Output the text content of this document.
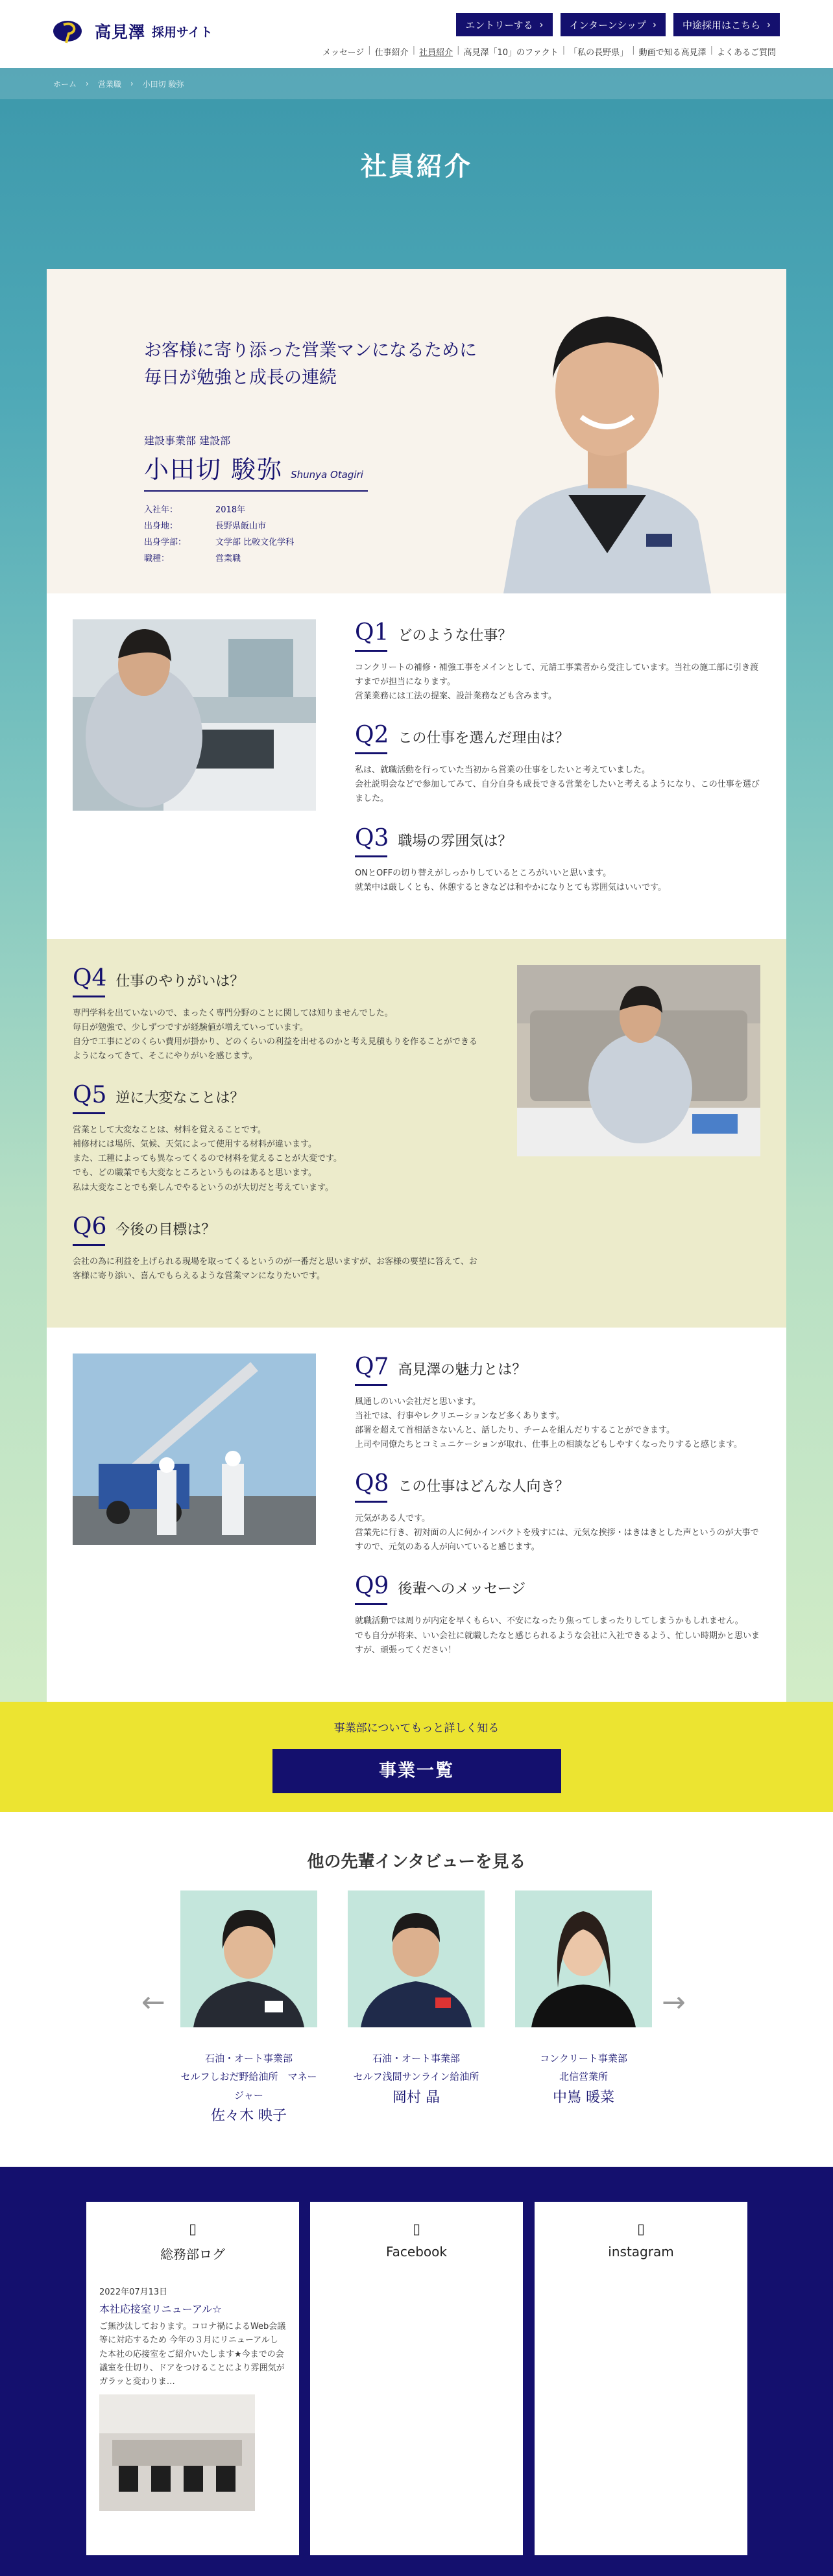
高見澤 採用サイト	エントリーする ›	インターンシップ ›	中途採用はこちら ›
メッセージ | 仕事紹介 | 社員紹介 | 高見澤「10」のファクト | 「私の長野県」 | 動画で知る高見澤 | よくあるご質問
ホーム › 営業職 › 小田切 駿弥
社員紹介
お客様に寄り添った営業マンになるために
毎日が勉強と成長の連続
建設事業部 建設部
小田切 駿弥 Shunya Otagiri
入社年：	2018年
出身地：	長野県飯山市
出身学部：	文学部 比較文化学科
職種：	営業職
Q1 どのような仕事？
コンクリートの補修・補強工事をメインとして、元請工事業者から受注しています。当社の施工部に引き渡すまでが担当になります。
営業業務には工法の提案、設計業務なども含みます。
Q2 この仕事を選んだ理由は？
私は、就職活動を行っていた当初から営業の仕事をしたいと考えていました。
会社説明会などで参加してみて、自分自身も成長できる営業をしたいと考えるようになり、この仕事を選びました。
Q3 職場の雰囲気は？
ONとOFFの切り替えがしっかりしているところがいいと思います。
就業中は厳しくとも、休憩するときなどは和やかになりとても雰囲気はいいです。
Q4 仕事のやりがいは？
専門学科を出ていないので、まったく専門分野のことに関しては知りませんでした。
毎日が勉強で、少しずつですが経験値が増えていっています。
自分で工事にどのくらい費用が掛かり、どのくらいの利益を出せるのかと考え見積もりを作ることができるようになってきて、そこにやりがいを感じます。
Q5 逆に大変なことは？
営業として大変なことは、材料を覚えることです。
補修材には場所、気候、天気によって使用する材料が違います。
また、工種によっても異なってくるので材料を覚えることが大変です。
でも、どの職業でも大変なところというものはあると思います。
私は大変なことでも楽しんでやるというのが大切だと考えています。
Q6 今後の目標は？
会社の為に利益を上げられる現場を取ってくるというのが一番だと思いますが、お客様の要望に答えて、お客様に寄り添い、喜んでもらえるような営業マンになりたいです。
Q7 高見澤の魅力とは？
風通しのいい会社だと思います。
当社では、行事やレクリエーションなど多くあります。
部署を超えて首相話さないんと、話したり、チームを組んだりすることができます。
上司や同僚たちとコミュニケーションが取れ、仕事上の相談などもしやすくなったりすると感じます。
Q8 この仕事はどんな人向き？
元気がある人です。
営業先に行き、初対面の人に何かインパクトを残すには、元気な挨拶・はきはきとした声というのが大事ですので、元気のある人が向いていると感じます。
Q9 後輩へのメッセージ
就職活動では周りが内定を早くもらい、不安になったり焦ってしまったりしてしまうかもしれません。
でも自分が将来、いい会社に就職したなと感じられるような会社に入社できるよう、忙しい時期かと思いますが、頑張ってください！
事業部についてもっと詳しく知る
事業一覧
他の先輩インタビューを見る
←	→
石油・オート事業部
セルフしおだ野給油所　マネージャー
佐々木 映子
石油・オート事業部
セルフ浅間サンライン給油所
岡村 晶
コンクリート事業部
北信営業所
中嶌 暖菜
▯
総務部ログ
2022年07月13日
本社応接室リニューアル☆
ご無沙汰しております。コロナ禍によるWeb会議等に対応するため 今年の３月にリニューアルした本社の応接室をご紹介いたします★今までの会議室を仕切り、ドアをつけることにより雰囲気がガラッと変わりま…
▯
Facebook
▯
instagram
